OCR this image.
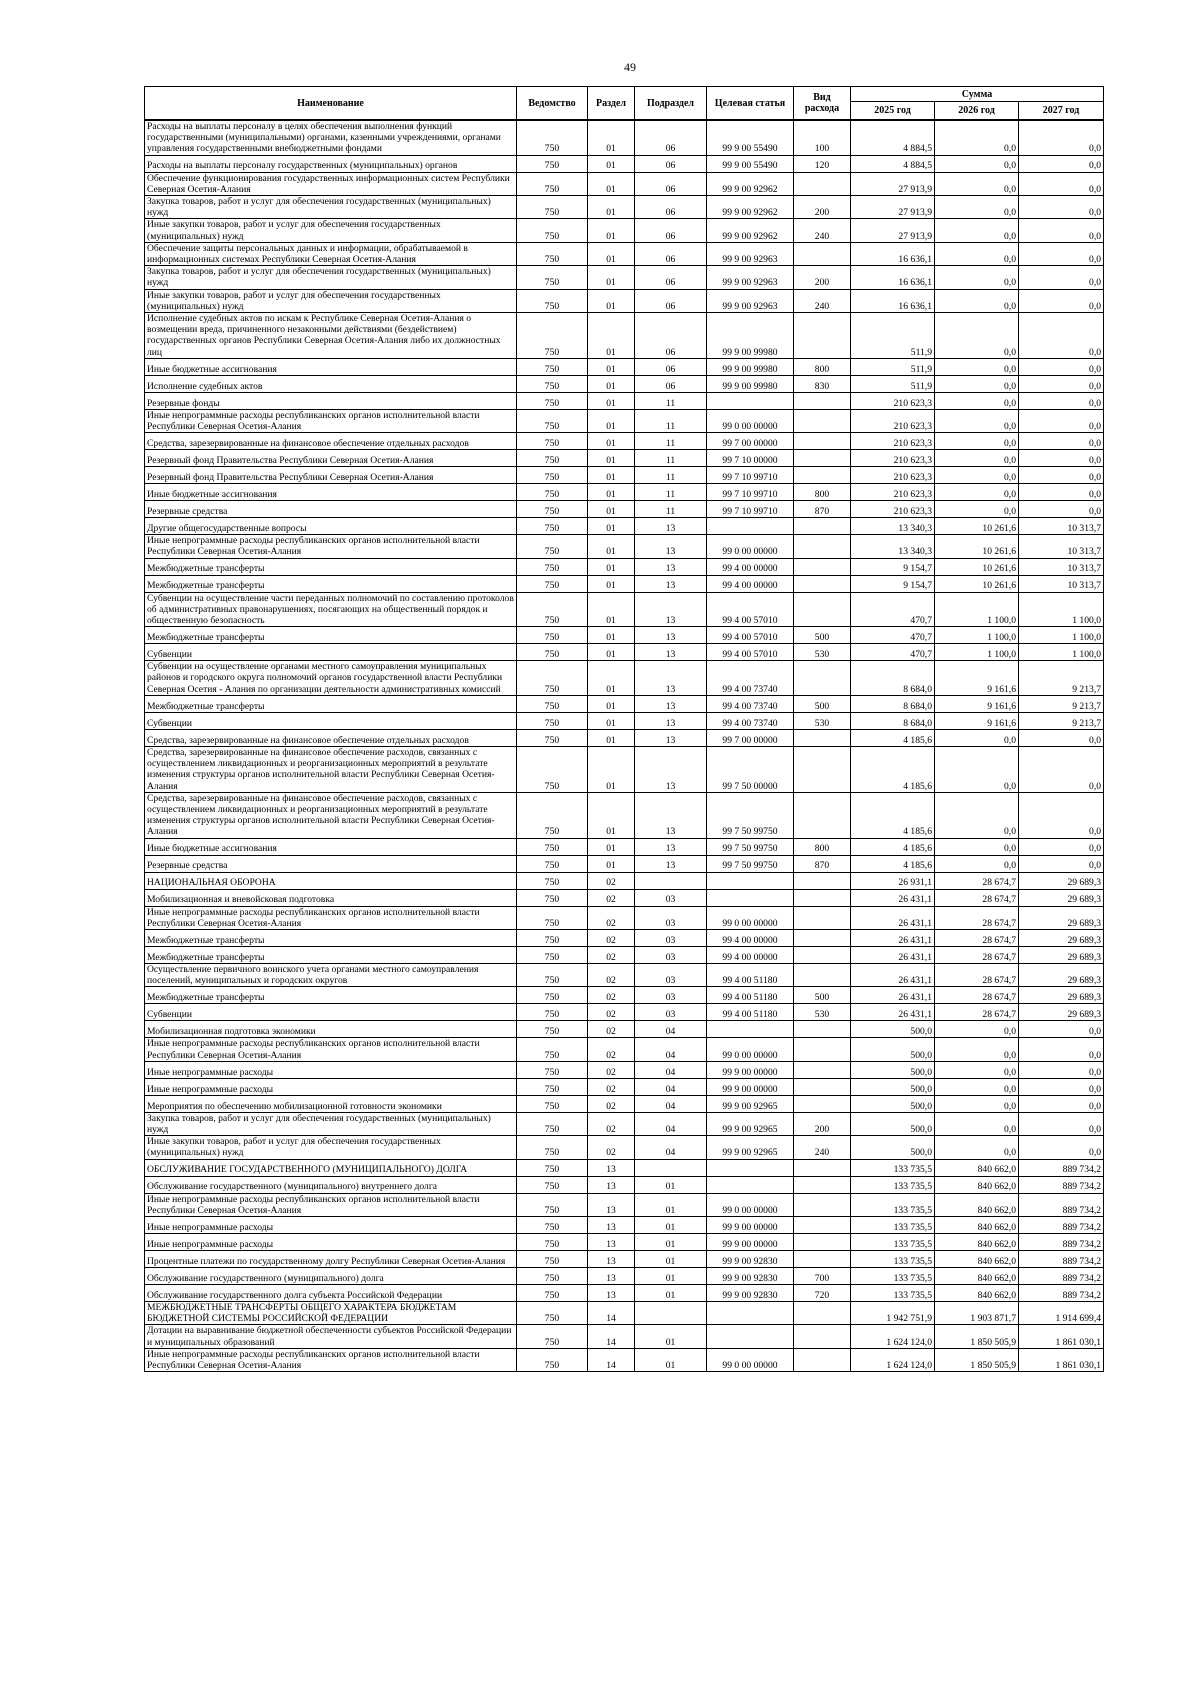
49
Наименование	Ведомство	Раздел	Подраздел	Целевая статья	Вид расхода	Сумма		
						2025 год	2026 год	2027 год
Расходы на выплаты персоналу в целях обеспечения выполнения функций государственными (муниципальными) органами, казенными учреждениями, органами управления государственными внебюджетными фондами	750	01	06	99 9 00 55490	100	4 884,5	0,0	0,0
Расходы на выплаты персоналу государственных (муниципальных) органов	750	01	06	99 9 00 55490	120	4 884,5	0,0	0,0
Обеспечение функционирования государственных информационных систем Республики Северная Осетия-Алания	750	01	06	99 9 00 92962		27 913,9	0,0	0,0
Закупка товаров, работ и услуг для обеспечения государственных (муниципальных) нужд	750	01	06	99 9 00 92962	200	27 913,9	0,0	0,0
Иные закупки товаров, работ и услуг для обеспечения государственных (муниципальных) нужд	750	01	06	99 9 00 92962	240	27 913,9	0,0	0,0
Обеспечение защиты персональных данных и информации, обрабатываемой в информационных системах Республики Северная Осетия-Алания	750	01	06	99 9 00 92963		16 636,1	0,0	0,0
Закупка товаров, работ и услуг для обеспечения государственных (муниципальных) нужд	750	01	06	99 9 00 92963	200	16 636,1	0,0	0,0
Иные закупки товаров, работ и услуг для обеспечения государственных (муниципальных) нужд	750	01	06	99 9 00 92963	240	16 636,1	0,0	0,0
Исполнение судебных актов по искам к Республике Северная Осетия-Алания о возмещении вреда, причиненного незаконными действиями (бездействием) государственных органов Республики Северная Осетия-Алания либо их должностных лиц	750	01	06	99 9 00 99980		511,9	0,0	0,0
Иные бюджетные ассигнования	750	01	06	99 9 00 99980	800	511,9	0,0	0,0
Исполнение судебных актов	750	01	06	99 9 00 99980	830	511,9	0,0	0,0
Резервные фонды	750	01	11			210 623,3	0,0	0,0
Иные непрограммные расходы республиканских органов исполнительной власти Республики Северная Осетия-Алания	750	01	11	99 0 00 00000		210 623,3	0,0	0,0
Средства, зарезервированные на финансовое обеспечение отдельных расходов	750	01	11	99 7 00 00000		210 623,3	0,0	0,0
Резервный фонд Правительства Республики Северная Осетия-Алания	750	01	11	99 7 10 00000		210 623,3	0,0	0,0
Резервный фонд Правительства Республики Северная Осетия-Алания	750	01	11	99 7 10 99710		210 623,3	0,0	0,0
Иные бюджетные ассигнования	750	01	11	99 7 10 99710	800	210 623,3	0,0	0,0
Резервные средства	750	01	11	99 7 10 99710	870	210 623,3	0,0	0,0
Другие общегосударственные вопросы	750	01	13			13 340,3	10 261,6	10 313,7
Иные непрограммные расходы республиканских органов исполнительной власти Республики Северная Осетия-Алания	750	01	13	99 0 00 00000		13 340,3	10 261,6	10 313,7
Межбюджетные трансферты	750	01	13	99 4 00 00000		9 154,7	10 261,6	10 313,7
Межбюджетные трансферты	750	01	13	99 4 00 00000		9 154,7	10 261,6	10 313,7
Субвенции на осуществление части переданных полномочий по составлению протоколов об административных правонарушениях, посягающих на общественный порядок и общественную безопасность	750	01	13	99 4 00 57010		470,7	1 100,0	1 100,0
Межбюджетные трансферты	750	01	13	99 4 00 57010	500	470,7	1 100,0	1 100,0
Субвенции	750	01	13	99 4 00 57010	530	470,7	1 100,0	1 100,0
Субвенции на осуществление органами местного самоуправления муниципальных районов и городского округа полномочий органов государственной власти Республики Северная Осетия - Алания по организации деятельности административных комиссий	750	01	13	99 4 00 73740		8 684,0	9 161,6	9 213,7
Межбюджетные трансферты	750	01	13	99 4 00 73740	500	8 684,0	9 161,6	9 213,7
Субвенции	750	01	13	99 4 00 73740	530	8 684,0	9 161,6	9 213,7
Средства, зарезервированные на финансовое обеспечение отдельных расходов	750	01	13	99 7 00 00000		4 185,6	0,0	0,0
Средства, зарезервированные на финансовое обеспечение расходов, связанных с осуществлением ликвидационных и реорганизационных мероприятий в результате изменения структуры органов исполнительной власти Республики Северная Осетия-Алания	750	01	13	99 7 50 00000		4 185,6	0,0	0,0
Средства, зарезервированные на финансовое обеспечение расходов, связанных с осуществлением ликвидационных и реорганизационных мероприятий в результате изменения структуры органов исполнительной власти Республики Северная Осетия-Алания	750	01	13	99 7 50 99750		4 185,6	0,0	0,0
Иные бюджетные ассигнования	750	01	13	99 7 50 99750	800	4 185,6	0,0	0,0
Резервные средства	750	01	13	99 7 50 99750	870	4 185,6	0,0	0,0
НАЦИОНАЛЬНАЯ ОБОРОНА	750	02				26 931,1	28 674,7	29 689,3
Мобилизационная и вневойсковая подготовка	750	02	03			26 431,1	28 674,7	29 689,3
Иные непрограммные расходы республиканских органов исполнительной власти Республики Северная Осетия-Алания	750	02	03	99 0 00 00000		26 431,1	28 674,7	29 689,3
Межбюджетные трансферты	750	02	03	99 4 00 00000		26 431,1	28 674,7	29 689,3
Межбюджетные трансферты	750	02	03	99 4 00 00000		26 431,1	28 674,7	29 689,3
Осуществление первичного воинского учета органами местного самоуправления поселений, муниципальных и городских округов	750	02	03	99 4 00 51180		26 431,1	28 674,7	29 689,3
Межбюджетные трансферты	750	02	03	99 4 00 51180	500	26 431,1	28 674,7	29 689,3
Субвенции	750	02	03	99 4 00 51180	530	26 431,1	28 674,7	29 689,3
Мобилизационная подготовка экономики	750	02	04			500,0	0,0	0,0
Иные непрограммные расходы республиканских органов исполнительной власти Республики Северная Осетия-Алания	750	02	04	99 0 00 00000		500,0	0,0	0,0
Иные непрограммные расходы	750	02	04	99 9 00 00000		500,0	0,0	0,0
Иные непрограммные расходы	750	02	04	99 9 00 00000		500,0	0,0	0,0
Мероприятия по обеспечению мобилизационной готовности экономики	750	02	04	99 9 00 92965		500,0	0,0	0,0
Закупка товаров, работ и услуг для обеспечения государственных (муниципальных) нужд	750	02	04	99 9 00 92965	200	500,0	0,0	0,0
Иные закупки товаров, работ и услуг для обеспечения государственных (муниципальных) нужд	750	02	04	99 9 00 92965	240	500,0	0,0	0,0
ОБСЛУЖИВАНИЕ ГОСУДАРСТВЕННОГО (МУНИЦИПАЛЬНОГО) ДОЛГА	750	13				133 735,5	840 662,0	889 734,2
Обслуживание государственного (муниципального) внутреннего долга	750	13	01			133 735,5	840 662,0	889 734,2
Иные непрограммные расходы республиканских органов исполнительной власти Республики Северная Осетия-Алания	750	13	01	99 0 00 00000		133 735,5	840 662,0	889 734,2
Иные непрограммные расходы	750	13	01	99 9 00 00000		133 735,5	840 662,0	889 734,2
Иные непрограммные расходы	750	13	01	99 9 00 00000		133 735,5	840 662,0	889 734,2
Процентные платежи по государственному долгу Республики Северная Осетия-Алания	750	13	01	99 9 00 92830		133 735,5	840 662,0	889 734,2
Обслуживание государственного (муниципального) долга	750	13	01	99 9 00 92830	700	133 735,5	840 662,0	889 734,2
Обслуживание государственного долга субъекта Российской Федерации	750	13	01	99 9 00 92830	720	133 735,5	840 662,0	889 734,2
МЕЖБЮДЖЕТНЫЕ ТРАНСФЕРТЫ ОБЩЕГО ХАРАКТЕРА БЮДЖЕТАМ БЮДЖЕТНОЙ СИСТЕМЫ РОССИЙСКОЙ ФЕДЕРАЦИИ	750	14				1 942 751,9	1 903 871,7	1 914 699,4
Дотации на выравнивание бюджетной обеспеченности субъектов Российской Федерации и муниципальных образований	750	14	01			1 624 124,0	1 850 505,9	1 861 030,1
Иные непрограммные расходы республиканских органов исполнительной власти Республики Северная Осетия-Алания	750	14	01	99 0 00 00000		1 624 124,0	1 850 505,9	1 861 030,1
